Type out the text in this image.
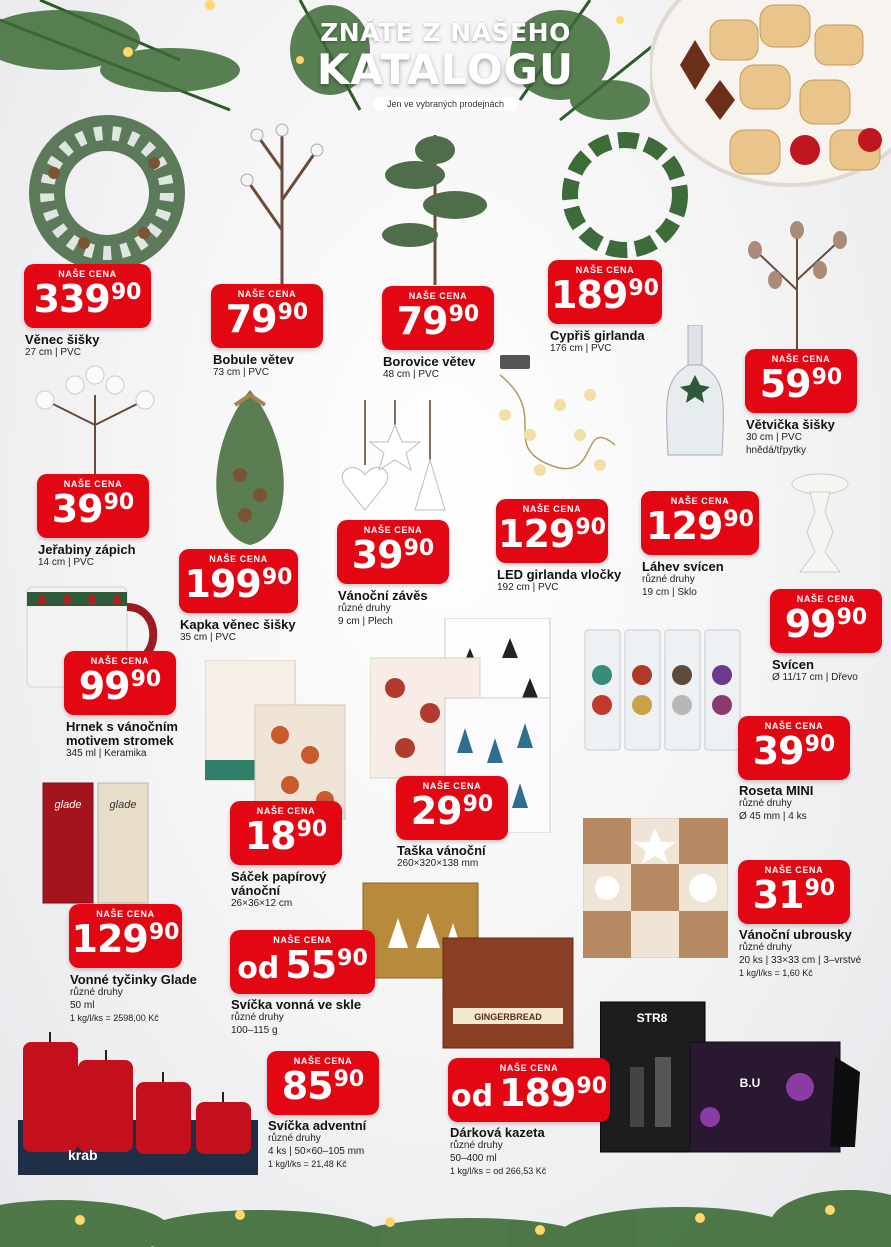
ZNÁTE Z NAŠEHO
KATALOGU
Jen ve vybraných prodejnách
glade	glade
GINGERBREAD
krab
STR8
B.U
NAŠE CENA
33990
Věnec šišky
27 cm | PVC
NAŠE CENA
7990
Bobule větev
73 cm | PVC
NAŠE CENA
7990
Borovice větev
48 cm | PVC
NAŠE CENA
18990
Cypřiš girlanda
176 cm | PVC
NAŠE CENA
5990
Větvička šišky
30 cm | PVC
hnědá/třpytky
NAŠE CENA
3990
Jeřabiny zápich
14 cm | PVC	NAŠE CENA
19990
Kapka věnec šišky
35 cm | PVC
NAŠE CENA
3990
Vánoční závěs
různé druhy
9 cm | Plech
NAŠE CENA
12990
LED girlanda vločky
192 cm | PVC
NAŠE CENA
12990
Láhev svícen
různé druhy
19 cm | Sklo
NAŠE CENA
9990
Svícen
Ø 11/17 cm | Dřevo
NAŠE CENA
9990
Hrnek s vánočním motivem stromek
345 ml | Keramika
NAŠE CENA
1890
Sáček papírový vánoční
26×36×12 cm
NAŠE CENA
2990
Taška vánoční
260×320×138 mm
NAŠE CENA
3990
Roseta MINI
různé druhy
Ø 45 mm | 4 ks
NAŠE CENA
12990
Vonné tyčinky Glade
různé druhy
50 ml
1 kg/l/ks = 2598,00 Kč
NAŠE CENA
od 5590
Svíčka vonná ve skle
různé druhy
100–115 g
NAŠE CENA
3190
Vánoční ubrousky
různé druhy
20 ks | 33×33 cm | 3–vrstvé
1 kg/l/ks = 1,60 Kč
NAŠE CENA
8590
Svíčka adventní
různé druhy
4 ks | 50×60–105 mm
1 kg/l/ks = 21,48 Kč
NAŠE CENA
od 18990
Dárková kazeta
různé druhy
50–400 ml
1 kg/l/ks = od 266,53 Kč
